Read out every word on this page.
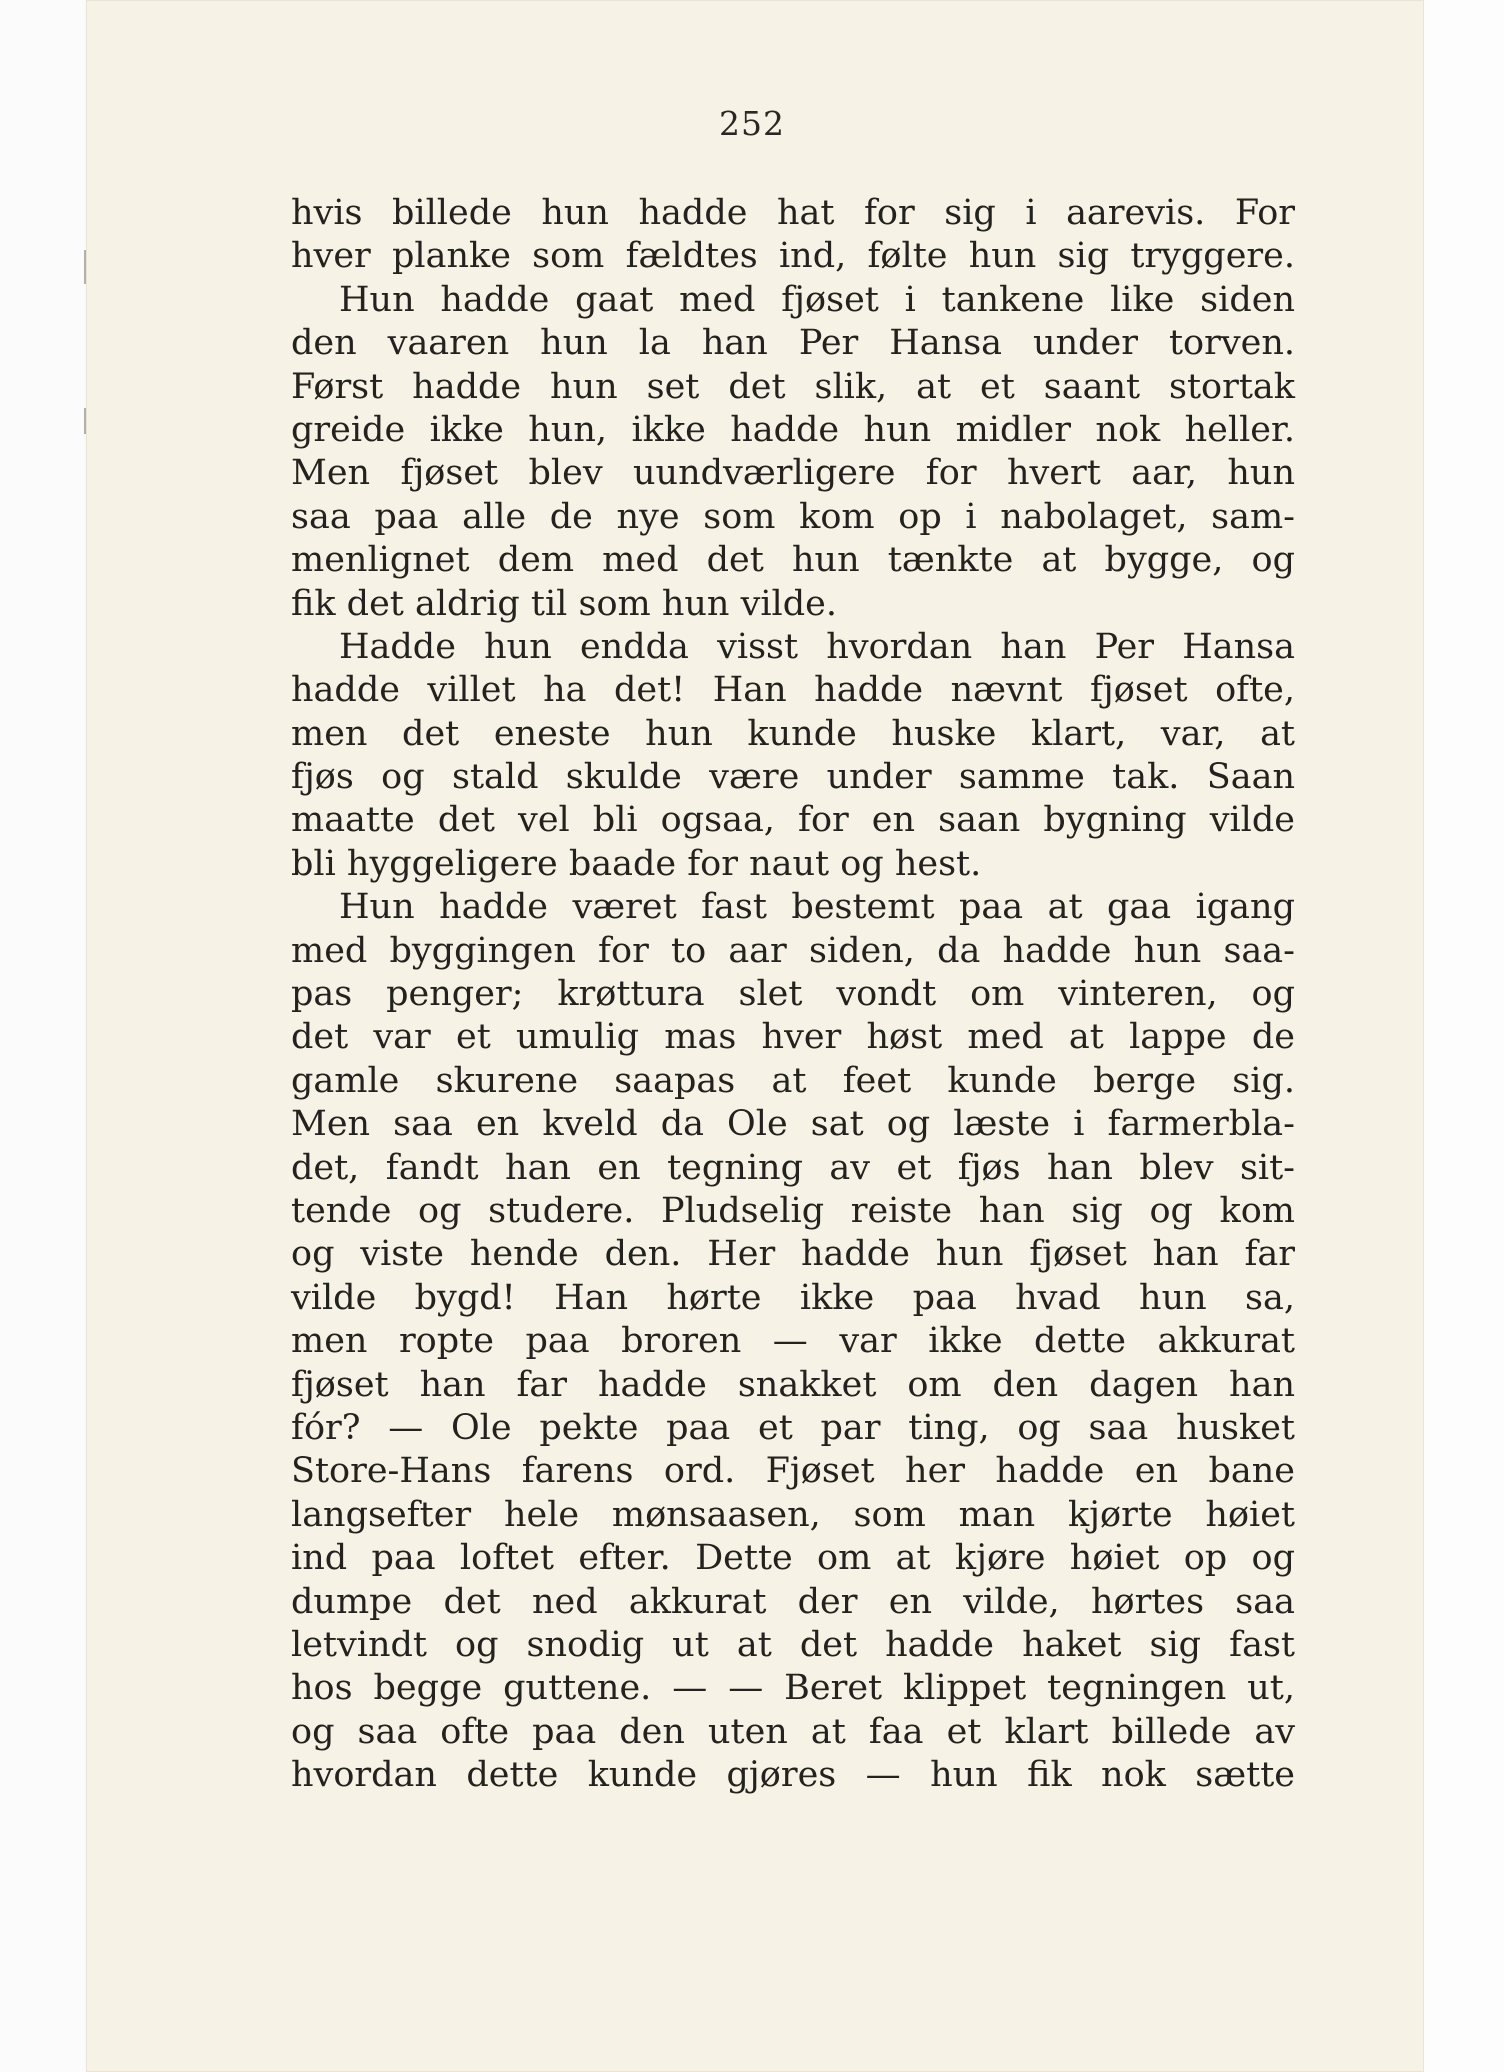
252
hvis billede hun hadde hat for sig i aarevis. For
hver planke som fældtes ind, følte hun sig tryggere.
Hun hadde gaat med fjøset i tankene like siden
den vaaren hun la han Per Hansa under torven.
Først hadde hun set det slik, at et saant stortak
greide ikke hun, ikke hadde hun midler nok heller.
Men fjøset blev uundværligere for hvert aar, hun
saa paa alle de nye som kom op i nabolaget, sam-
menlignet dem med det hun tænkte at bygge, og
fik det aldrig til som hun vilde.
Hadde hun endda visst hvordan han Per Hansa
hadde villet ha det! Han hadde nævnt fjøset ofte,
men det eneste hun kunde huske klart, var, at
fjøs og stald skulde være under samme tak. Saan
maatte det vel bli ogsaa, for en saan bygning vilde
bli hyggeligere baade for naut og hest.
Hun hadde været fast bestemt paa at gaa igang
med byggingen for to aar siden, da hadde hun saa-
pas penger; krøttura slet vondt om vinteren, og
det var et umulig mas hver høst med at lappe de
gamle skurene saapas at feet kunde berge sig.
Men saa en kveld da Ole sat og læste i farmerbla-
det, fandt han en tegning av et fjøs han blev sit-
tende og studere. Pludselig reiste han sig og kom
og viste hende den. Her hadde hun fjøset han far
vilde bygd! Han hørte ikke paa hvad hun sa,
men ropte paa broren — var ikke dette akkurat
fjøset han far hadde snakket om den dagen han
fór? — Ole pekte paa et par ting, og saa husket
Store-Hans farens ord. Fjøset her hadde en bane
langsefter hele mønsaasen, som man kjørte høiet
ind paa loftet efter. Dette om at kjøre høiet op og
dumpe det ned akkurat der en vilde, hørtes saa
letvindt og snodig ut at det hadde haket sig fast
hos begge guttene. — — Beret klippet tegningen ut,
og saa ofte paa den uten at faa et klart billede av
hvordan dette kunde gjøres — hun fik nok sætte
